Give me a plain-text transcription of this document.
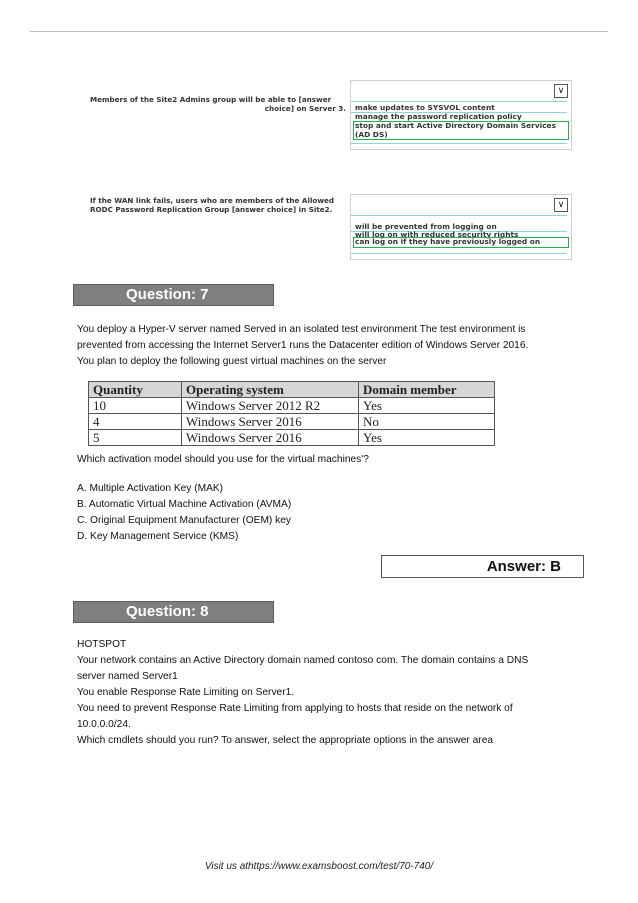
Members of the Site2 Admins group will be able to [answer
choice] on Server 3.
∨
make updates to SYSVOL content
manage the password replication policy
stop and start Active Directory Domain Services
(AD DS)
If the WAN link fails, users who are members of the Allowed
RODC Password Replication Group [answer choice] in Site2.
∨
will be prevented from logging on
will log on with reduced security rights
can log on if they have previously logged on
Question: 7

You deploy a Hyper-V server named Served in an isolated test environment The test environment is

prevented from accessing the Internet Server1 runs the Datacenter edition of Windows Server 2016.

You plan to deploy the following guest virtual machines on the server

Quantity	Operating system	Domain member
10	Windows Server 2012 R2	Yes
4	Windows Server 2016	No
5	Windows Server 2016	Yes
Which activation model should you use for the virtual machines'?

A. Multiple Activation Key (MAK)

B. Automatic Virtual Machine Activation (AVMA)

C. Original Equipment Manufacturer (OEM) key

D. Key Management Service (KMS)

Answer: B
Question: 8

HOTSPOT

Your network contains an Active Directory domain named contoso com. The domain contains a DNS

server named Server1

You enable Response Rate Limiting on Server1.

You need to prevent Response Rate Limiting from applying to hosts that reside on the network of

10.0.0.0/24.

Which cmdlets should you run? To answer, select the appropriate options in the answer area

Visit us athttps://www.examsboost.com/test/70-740/
